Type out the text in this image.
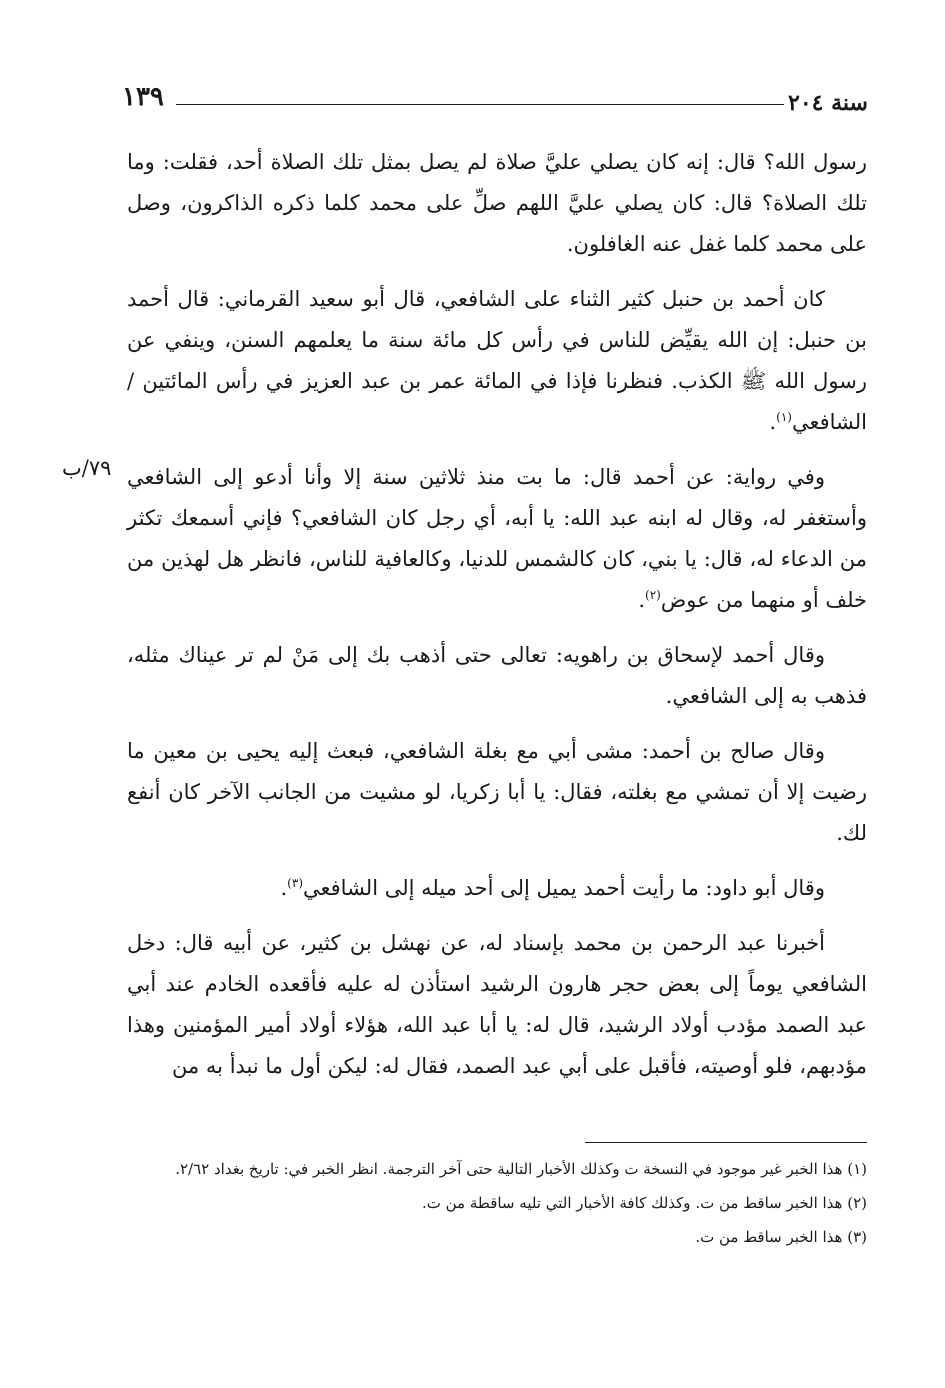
١٣٩	سنة ٢٠٤
٧٩/ب

رسول الله؟ قال: إنه كان يصلي عليَّ صلاة لم يصل بمثل تلك الصلاة أحد، فقلت: وما تلك الصلاة؟ قال: كان يصلي عليَّ اللهم صلِّ على محمد كلما ذكره الذاكرون، وصل على محمد كلما غفل عنه الغافلون.

كان أحمد بن حنبل كثير الثناء على الشافعي، قال أبو سعيد القرماني: قال أحمد بن حنبل: إن الله يقيِّض للناس في رأس كل مائة سنة ما يعلمهم السنن، وينفي عن رسول الله ﷺ الكذب. فنظرنا فإذا في المائة عمر بن عبد العزيز في رأس المائتين / الشافعي$^{(١)}$.

وفي رواية: عن أحمد قال: ما بت منذ ثلاثين سنة إلا وأنا أدعو إلى الشافعي وأستغفر له، وقال له ابنه عبد الله: يا أبه، أي رجل كان الشافعي؟ فإني أسمعك تكثر من الدعاء له، قال: يا بني، كان كالشمس للدنيا، وكالعافية للناس، فانظر هل لهذين من خلف أو منهما من عوض$^{(٢)}$.

وقال أحمد لإسحاق بن راهويه: تعالى حتى أذهب بك إلى مَنْ لم تر عيناك مثله، فذهب به إلى الشافعي.

وقال صالح بن أحمد: مشى أبي مع بغلة الشافعي، فبعث إليه يحيى بن معين ما رضيت إلا أن تمشي مع بغلته، فقال: يا أبا زكريا، لو مشيت من الجانب الآخر كان أنفع لك.

وقال أبو داود: ما رأيت أحمد يميل إلى أحد ميله إلى الشافعي$^{(٣)}$.

أخبرنا عبد الرحمن بن محمد بإسناد له، عن نهشل بن كثير، عن أبيه قال: دخل الشافعي يوماً إلى بعض حجر هارون الرشيد استأذن له عليه فأقعده الخادم عند أبي عبد الصمد مؤدب أولاد الرشيد، قال له: يا أبا عبد الله، هؤلاء أولاد أمير المؤمنين وهذا مؤدبهم، فلو أوصيته، فأقبل على أبي عبد الصمد، فقال له: ليكن أول ما نبدأ به من

(١) هذا الخبر غير موجود في النسخة ت وكذلك الأخبار التالية حتى آخر الترجمة. انظر الخبر في: تاريخ بغداد ٢/٦٢.

(٢) هذا الخبر ساقط من ت. وكذلك كافة الأخبار التي تليه ساقطة من ت.

(٣) هذا الخبر ساقط من ت.
